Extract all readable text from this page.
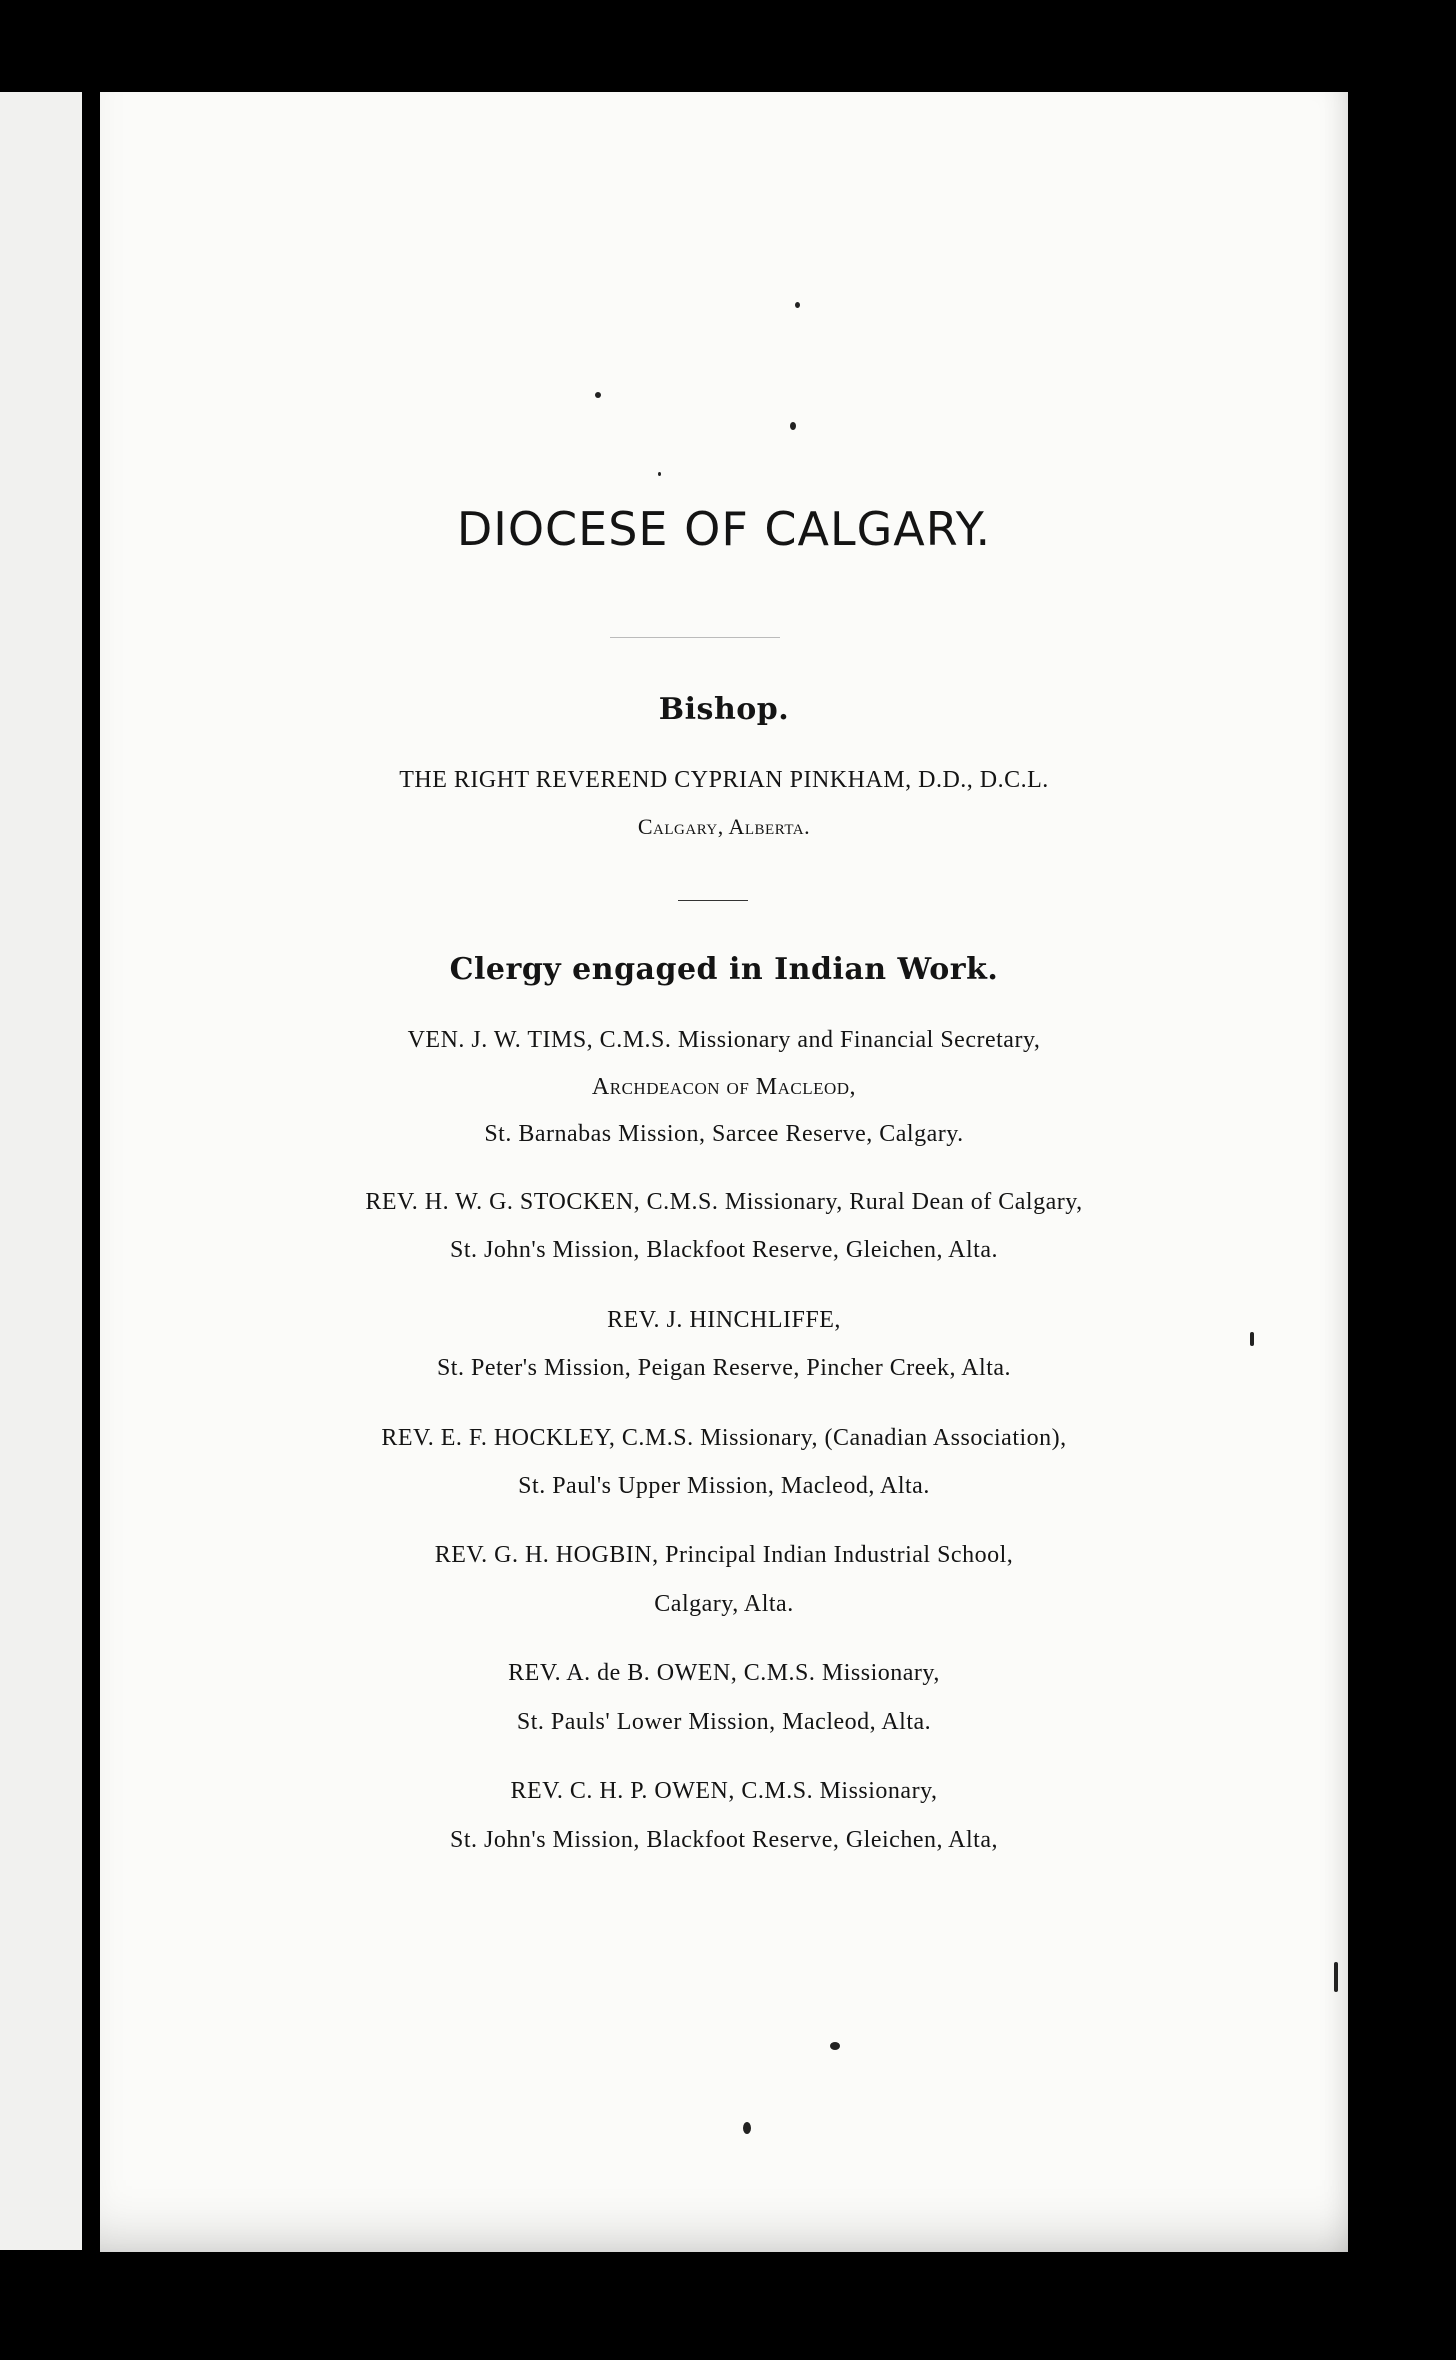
DIOCESE OF CALGARY.
Bishop.
THE RIGHT REVEREND CYPRIAN PINKHAM, D.D., D.C.L.
Calgary, Alberta.
Clergy engaged in Indian Work.
VEN. J. W. TIMS, C.M.S. Missionary and Financial Secretary,
Archdeacon of Macleod,
St. Barnabas Mission, Sarcee Reserve, Calgary.
REV. H. W. G. STOCKEN, C.M.S. Missionary, Rural Dean of Calgary,
St. John's Mission, Blackfoot Reserve, Gleichen, Alta.
REV. J. HINCHLIFFE,
St. Peter's Mission, Peigan Reserve, Pincher Creek, Alta.
REV. E. F. HOCKLEY, C.M.S. Missionary, (Canadian Association),
St. Paul's Upper Mission, Macleod, Alta.
REV. G. H. HOGBIN, Principal Indian Industrial School,
Calgary, Alta.
REV. A. de B. OWEN, C.M.S. Missionary,
St. Pauls' Lower Mission, Macleod, Alta.
REV. C. H. P. OWEN, C.M.S. Missionary,
St. John's Mission, Blackfoot Reserve, Gleichen, Alta,
